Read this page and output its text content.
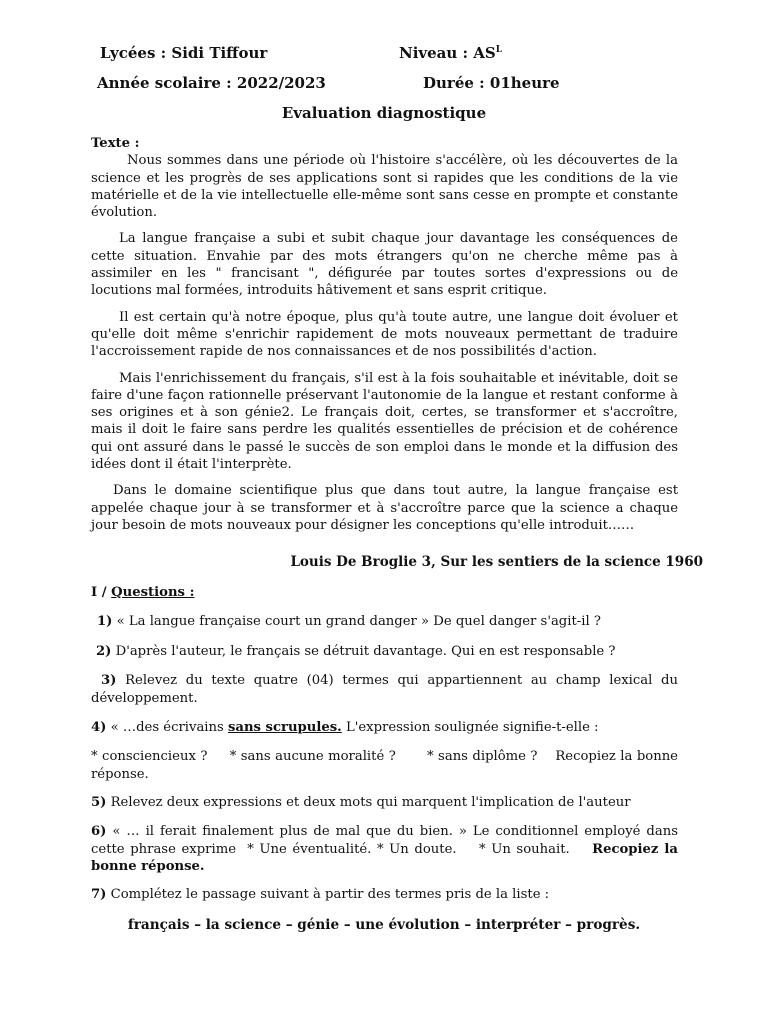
Lycées : Sidi Tiffour	Niveau : $AS^L$
Année scolaire : 2022/2023	Durée : 01heure
Evaluation diagnostique
Texte :

Nous sommes dans une période où l'histoire s'accélère, où les découvertes de la science et les progrès de ses applications sont si rapides que les conditions de la vie matérielle et de la vie intellectuelle elle-même sont sans cesse en prompte et constante évolution.

La langue française a subi et subit chaque jour davantage les conséquences de cette situation. Envahie par des mots étrangers qu'on ne cherche même pas à assimiler en les " francisant ", défigurée par toutes sortes d'expressions ou de locutions mal formées, introduits hâtivement et sans esprit critique.

Il est certain qu'à notre époque, plus qu'à toute autre, une langue doit évoluer et qu'elle doit même s'enrichir rapidement de mots nouveaux permettant de traduire l'accroissement rapide de nos connaissances et de nos possibilités d'action.

Mais l'enrichissement du français, s'il est à la fois souhaitable et inévitable, doit se faire d'une façon rationnelle préservant l'autonomie de la langue et restant conforme à ses origines et à son génie2. Le français doit, certes, se transformer et s'accroître, mais il doit le faire sans perdre les qualités essentielles de précision et de cohérence qui ont assuré dans le passé le succès de son emploi dans le monde et la diffusion des idées dont il était l'interprète.

Dans le domaine scientifique plus que dans tout autre, la langue française est appelée chaque jour à se transformer et à s'accroître parce que la science a chaque jour besoin de mots nouveaux pour désigner les conceptions qu'elle introduit……

Louis De Broglie 3, Sur les sentiers de la science 1960
I / Questions :
1) « La langue française court un grand danger » De quel danger s'agit-il ?
2) D'après l'auteur, le français se détruit davantage. Qui en est responsable ?
3) Relevez du texte quatre (04) termes qui appartiennent au champ lexical du développement.
4) « …des écrivains sans scrupules. L'expression soulignée signifie-t-elle :
* consciencieux ?     * sans aucune moralité ?       * sans diplôme ?    Recopiez la bonne réponse.
5) Relevez deux expressions et deux mots qui marquent l'implication de l'auteur
6) « … il ferait finalement plus de mal que du bien. » Le conditionnel employé dans cette phrase exprime  * Une éventualité. * Un doute.    * Un souhait. Recopiez la bonne réponse.
7) Complétez le passage suivant à partir des termes pris de la liste :
français – la science – génie – une évolution – interpréter – progrès.
